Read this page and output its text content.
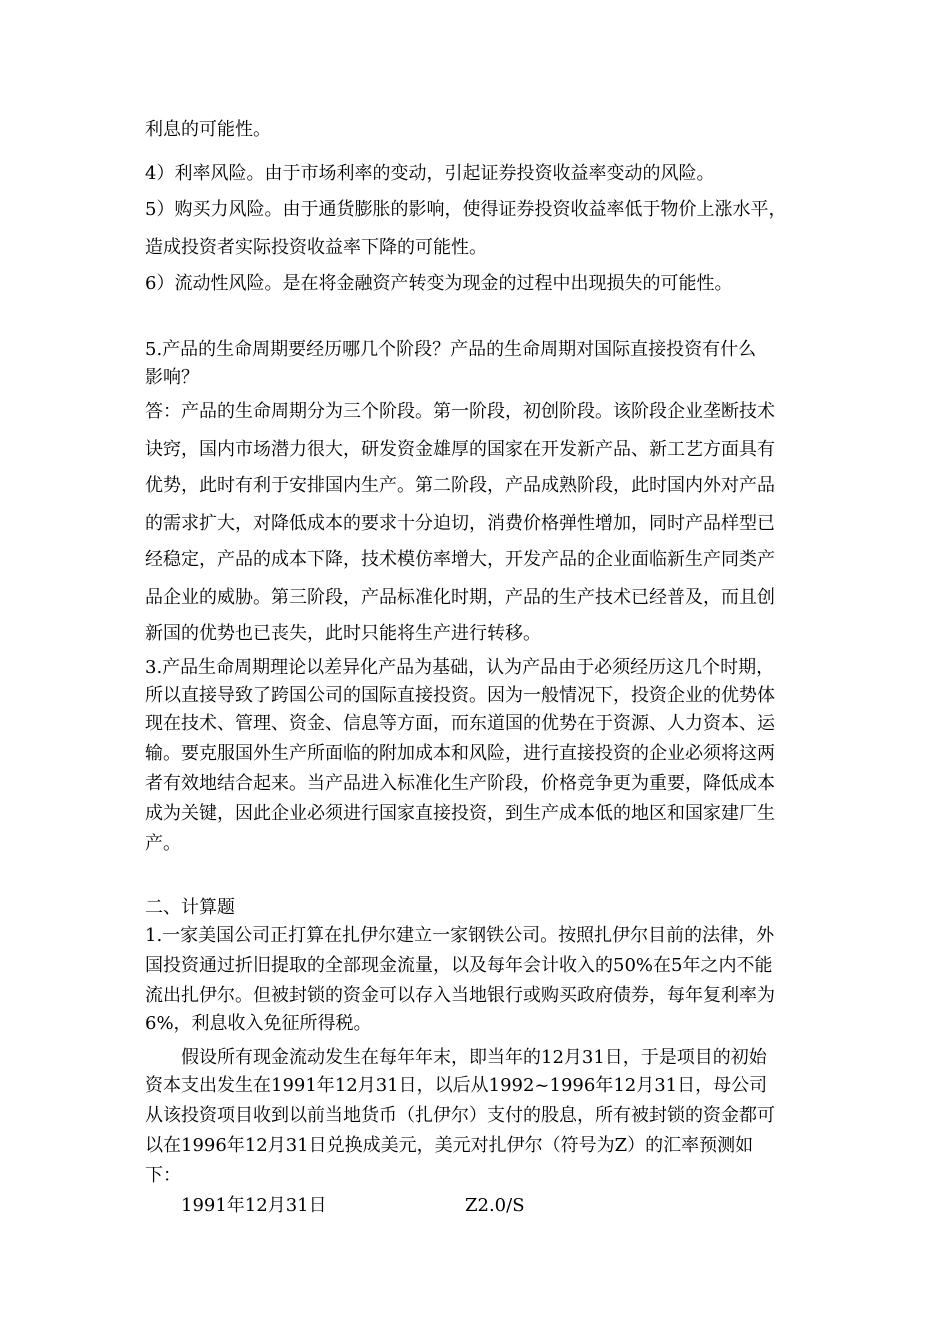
利息的可能性。
4）利率风险。由于市场利率的变动，引起证券投资收益率变动的风险。
5）购买力风险。由于通货膨胀的影响，使得证券投资收益率低于物价上涨水平，
造成投资者实际投资收益率下降的可能性。
6）流动性风险。是在将金融资产转变为现金的过程中出现损失的可能性。
5.产品的生命周期要经历哪几个阶段？产品的生命周期对国际直接投资有什么
影响？
答：产品的生命周期分为三个阶段。第一阶段，初创阶段。该阶段企业垄断技术
诀窍，国内市场潜力很大，研发资金雄厚的国家在开发新产品、新工艺方面具有
优势，此时有利于安排国内生产。第二阶段，产品成熟阶段，此时国内外对产品
的需求扩大，对降低成本的要求十分迫切，消费价格弹性增加，同时产品样型已
经稳定，产品的成本下降，技术模仿率增大，开发产品的企业面临新生产同类产
品企业的威胁。第三阶段，产品标准化时期，产品的生产技术已经普及，而且创
新国的优势也已丧失，此时只能将生产进行转移。
3.产品生命周期理论以差异化产品为基础，认为产品由于必须经历这几个时期，
所以直接导致了跨国公司的国际直接投资。因为一般情况下，投资企业的优势体
现在技术、管理、资金、信息等方面，而东道国的优势在于资源、人力资本、运
输。要克服国外生产所面临的附加成本和风险，进行直接投资的企业必须将这两
者有效地结合起来。当产品进入标准化生产阶段，价格竞争更为重要，降低成本
成为关键，因此企业必须进行国家直接投资，到生产成本低的地区和国家建厂生
产。
二、计算题
1.一家美国公司正打算在扎伊尔建立一家钢铁公司。按照扎伊尔目前的法律，外
国投资通过折旧提取的全部现金流量，以及每年会计收入的50%在5年之内不能
流出扎伊尔。但被封锁的资金可以存入当地银行或购买政府债券，每年复利率为
6%，利息收入免征所得税。
假设所有现金流动发生在每年年末，即当年的12月31日，于是项目的初始
资本支出发生在1991年12月31日，以后从1992~1996年12月31日，母公司
从该投资项目收到以前当地货币（扎伊尔）支付的股息，所有被封锁的资金都可
以在1996年12月31日兑换成美元，美元对扎伊尔（符号为Z）的汇率预测如
下：
1991年12月31日	Z2.0/S
